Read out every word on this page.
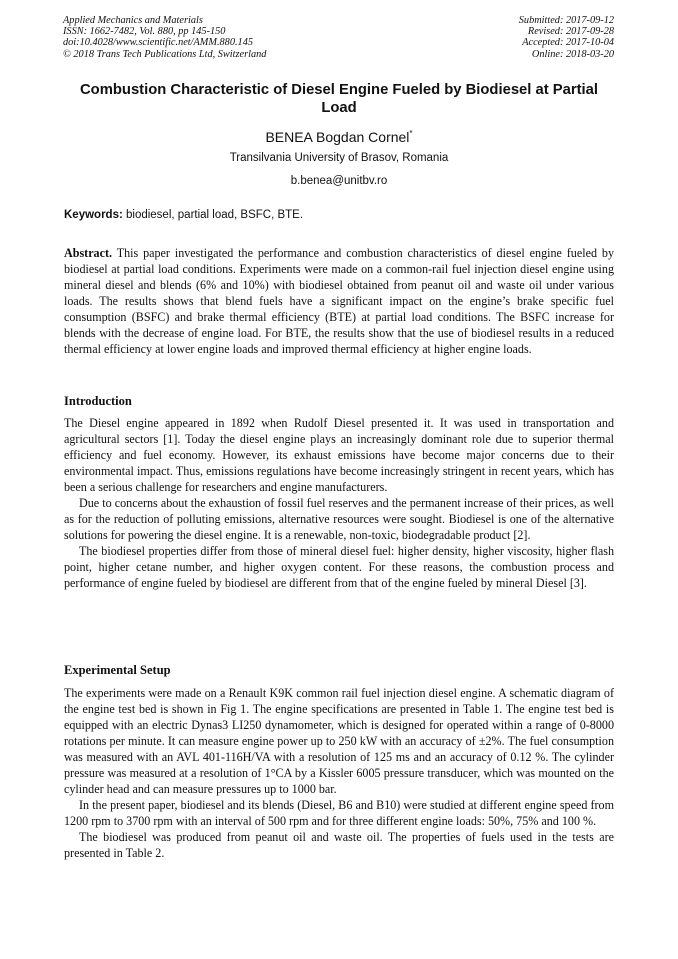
Applied Mechanics and Materials
ISSN: 1662-7482, Vol. 880, pp 145-150
doi:10.4028/www.scientific.net/AMM.880.145
© 2018 Trans Tech Publications Ltd, Switzerland
Submitted: 2017-09-12
Revised: 2017-09-28
Accepted: 2017-10-04
Online: 2018-03-20
Combustion Characteristic of Diesel Engine Fueled by Biodiesel at Partial Load
BENEA Bogdan Cornel*
Transilvania University of Brasov, Romania
b.benea@unitbv.ro
Keywords: biodiesel, partial load, BSFC, BTE.
Abstract. This paper investigated the performance and combustion characteristics of diesel engine fueled by biodiesel at partial load conditions. Experiments were made on a common-rail fuel injection diesel engine using mineral diesel and blends (6% and 10%) with biodiesel obtained from peanut oil and waste oil under various loads. The results shows that blend fuels have a significant impact on the engine’s brake specific fuel consumption (BSFC) and brake thermal efficiency (BTE) at partial load conditions. The BSFC increase for blends with the decrease of engine load. For BTE, the results show that the use of biodiesel results in a reduced thermal efficiency at lower engine loads and improved thermal efficiency at higher engine loads.
Introduction

The Diesel engine appeared in 1892 when Rudolf Diesel presented it. It was used in transportation and agricultural sectors [1]. Today the diesel engine plays an increasingly dominant role due to superior thermal efficiency and fuel economy. However, its exhaust emissions have become major concerns due to their environmental impact. Thus, emissions regulations have become increasingly stringent in recent years, which has been a serious challenge for researchers and engine manufacturers.

Due to concerns about the exhaustion of fossil fuel reserves and the permanent increase of their prices, as well as for the reduction of polluting emissions, alternative resources were sought. Biodiesel is one of the alternative solutions for powering the diesel engine. It is a renewable, non-toxic, biodegradable product [2].

The biodiesel properties differ from those of mineral diesel fuel: higher density, higher viscosity, higher flash point, higher cetane number, and higher oxygen content. For these reasons, the combustion process and performance of engine fueled by biodiesel are different from that of the engine fueled by mineral Diesel [3].

Experimental Setup

The experiments were made on a Renault K9K common rail fuel injection diesel engine. A schematic diagram of the engine test bed is shown in Fig 1. The engine specifications are presented in Table 1. The engine test bed is equipped with an electric Dynas3 LI250 dynamometer, which is designed for operated within a range of 0-8000 rotations per minute. It can measure engine power up to 250 kW with an accuracy of ±2%. The fuel consumption was measured with an AVL 401-116H/VA with a resolution of 125 ms and an accuracy of 0.12 %. The cylinder pressure was measured at a resolution of 1°CA by a Kissler 6005 pressure transducer, which was mounted on the cylinder head and can measure pressures up to 1000 bar.

In the present paper, biodiesel and its blends (Diesel, B6 and B10) were studied at different engine speed from 1200 rpm to 3700 rpm with an interval of 500 rpm and for three different engine loads: 50%, 75% and 100 %.

The biodiesel was produced from peanut oil and waste oil. The properties of fuels used in the tests are presented in Table 2.
